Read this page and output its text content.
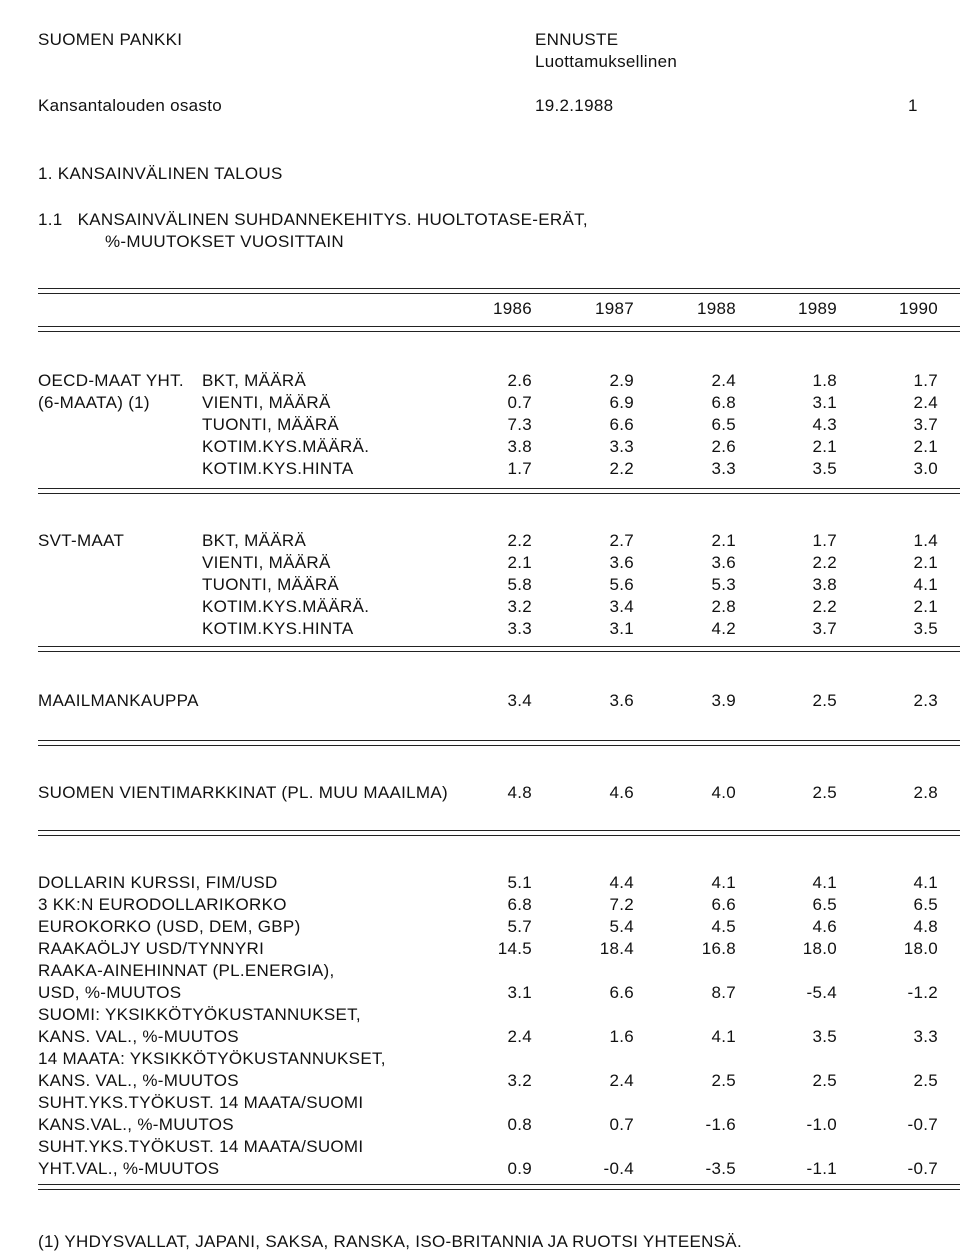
SUOMEN PANKKI
Kansantalouden osasto
ENNUSTE
Luottamuksellinen
19.2.1988	1
1. KANSAINVÄLINEN TALOUS
1.1   KANSAINVÄLINEN SUHDANNEKEHITYS. HUOLTOTASE-ERÄT,
%-MUUTOKSET VUOSITTAIN
1986	1987	1988	1989	1990
OECD-MAAT YHT.
(6-MAATA) (1)
BKT, MÄÄRÄ	2.6	2.9	2.4	1.8	1.7
VIENTI, MÄÄRÄ	0.7	6.9	6.8	3.1	2.4
TUONTI, MÄÄRÄ	7.3	6.6	6.5	4.3	3.7
KOTIM.KYS.MÄÄRÄ.	3.8	3.3	2.6	2.1	2.1
KOTIM.KYS.HINTA	1.7	2.2	3.3	3.5	3.0
SVT-MAAT	BKT, MÄÄRÄ	2.2	2.7	2.1	1.7	1.4
VIENTI, MÄÄRÄ	2.1	3.6	3.6	2.2	2.1
TUONTI, MÄÄRÄ	5.8	5.6	5.3	3.8	4.1
KOTIM.KYS.MÄÄRÄ.	3.2	3.4	2.8	2.2	2.1
KOTIM.KYS.HINTA	3.3	3.1	4.2	3.7	3.5
MAAILMANKAUPPA	3.4	3.6	3.9	2.5	2.3
SUOMEN VIENTIMARKKINAT (PL. MUU MAAILMA)	4.8	4.6	4.0	2.5	2.8
DOLLARIN KURSSI, FIM/USD	5.1	4.4	4.1	4.1	4.1
3 KK:N EURODOLLARIKORKO	6.8	7.2	6.6	6.5	6.5
EUROKORKO (USD, DEM, GBP)	5.7	5.4	4.5	4.6	4.8
RAAKAÖLJY USD/TYNNYRI	14.5	18.4	16.8	18.0	18.0
RAAKA-AINEHINNAT (PL.ENERGIA),
USD, %-MUUTOS	3.1	6.6	8.7	-5.4	-1.2
SUOMI: YKSIKKÖTYÖKUSTANNUKSET,
KANS. VAL., %-MUUTOS	2.4	1.6	4.1	3.5	3.3
14 MAATA: YKSIKKÖTYÖKUSTANNUKSET,
KANS. VAL., %-MUUTOS	3.2	2.4	2.5	2.5	2.5
SUHT.YKS.TYÖKUST. 14 MAATA/SUOMI
KANS.VAL., %-MUUTOS	0.8	0.7	-1.6	-1.0	-0.7
SUHT.YKS.TYÖKUST. 14 MAATA/SUOMI
YHT.VAL., %-MUUTOS	0.9	-0.4	-3.5	-1.1	-0.7
(1) YHDYSVALLAT, JAPANI, SAKSA, RANSKA, ISO-BRITANNIA JA RUOTSI YHTEENSÄ.
